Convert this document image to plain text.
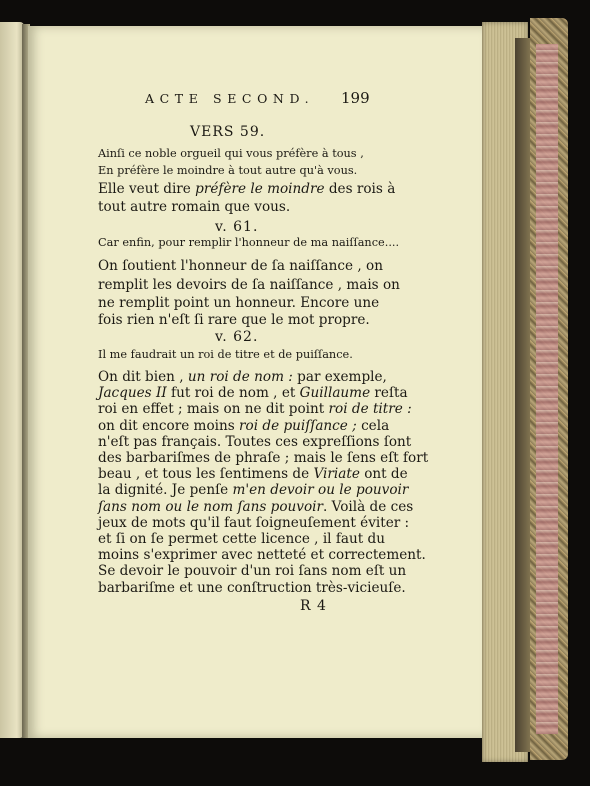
ACTE SECOND. 199
VERS 59.
Ainſi ce noble orgueil qui vous préfère à tous ,
En préfère le moindre à tout autre qu'à vous.
Elle veut dire préfère le moindre des rois à
tout autre romain que vous.
v. 61.
Car enfin, pour remplir l'honneur de ma naiſſance....
On ſoutient l'honneur de ſa naiſſance , on
remplit les devoirs de ſa naiſſance , mais on
ne remplit point un honneur. Encore une
fois rien n'eſt ſi rare que le mot propre.
v. 62.
Il me faudrait un roi de titre et de puiſſance.
On dit bien , un roi de nom : par exemple,
Jacques II fut roi de nom , et Guillaume reſta
roi en effet ; mais on ne dit point roi de titre :
on dit encore moins roi de puiſſance ; cela
n'eſt pas français. Toutes ces expreſſions ſont
des barbariſmes de phraſe ; mais le ſens eſt fort
beau , et tous les ſentimens de Viriate ont de
la dignité. Je penſe m'en devoir ou le pouvoir
ſans nom ou le nom ſans pouvoir. Voilà de ces
jeux de mots qu'il faut ſoigneuſement éviter :
et ſi on ſe permet cette licence , il faut du
moins s'exprimer avec netteté et correctement.
Se devoir le pouvoir d'un roi ſans nom eſt un
R 4
barbariſme et une conſtruction très-vicieuſe.
